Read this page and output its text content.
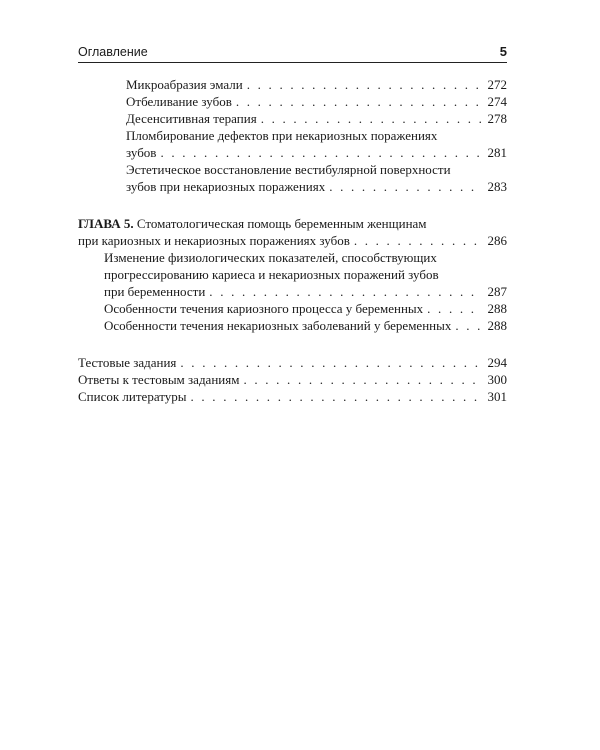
Оглавление	5
Микроабразия эмали . . .	272
Отбеливание зубов . . .	274
Десенситивная терапия . . .	278
Пломбирование дефектов при некариозных поражениях
зубов . . .	281
Эстетическое восстановление вестибулярной поверхности
зубов при некариозных поражениях . . .	283
ГЛАВА 5. Стоматологическая помощь беременным женщинам
при кариозных и некариозных поражениях зубов . . .	286
Изменение физиологических показателей, способствующих
прогрессированию кариеса и некариозных поражений зубов
при беременности . . .	287
Особенности течения кариозного процесса у беременных . . .	288
Особенности течения некариозных заболеваний у беременных . . .	288
Тестовые задания . . .	294
Ответы к тестовым заданиям . . .	300
Список литературы . . .	301
